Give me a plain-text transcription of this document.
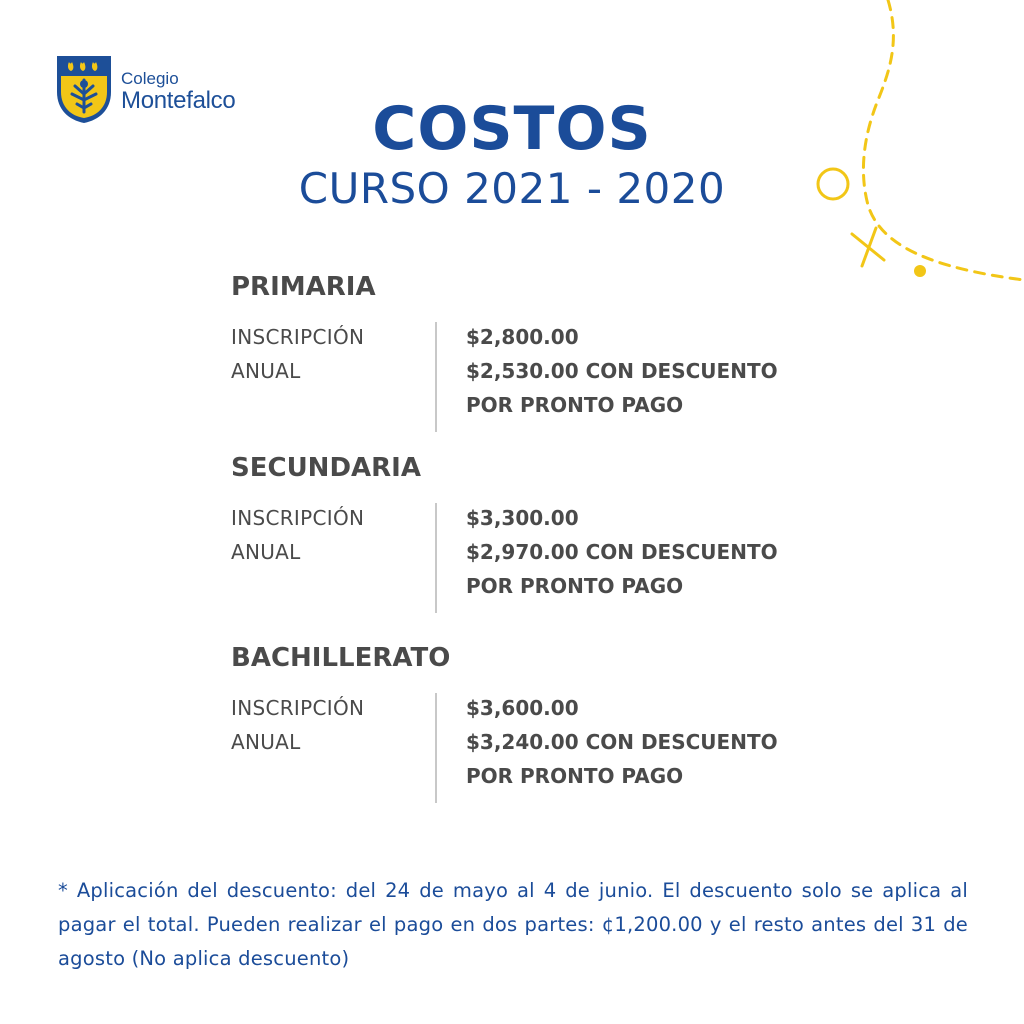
Colegio
Montefalco	COSTOS
CURSO 2021 - 2020
PRIMARIA
INSCRIPCIÓN
ANUAL
$2,800.00
$2,530.00 CON DESCUENTO
POR PRONTO PAGO
SECUNDARIA
INSCRIPCIÓN
ANUAL
$3,300.00
$2,970.00 CON DESCUENTO
POR PRONTO PAGO
BACHILLERATO
INSCRIPCIÓN
ANUAL
$3,600.00
$3,240.00 CON DESCUENTO
POR PRONTO PAGO
* Aplicación del descuento: del 24 de mayo al 4 de junio. El descuento solo se aplica al pagar el total. Pueden realizar el pago en dos partes: ¢1,200.00 y el resto antes del 31 de agosto (No aplica descuento)
